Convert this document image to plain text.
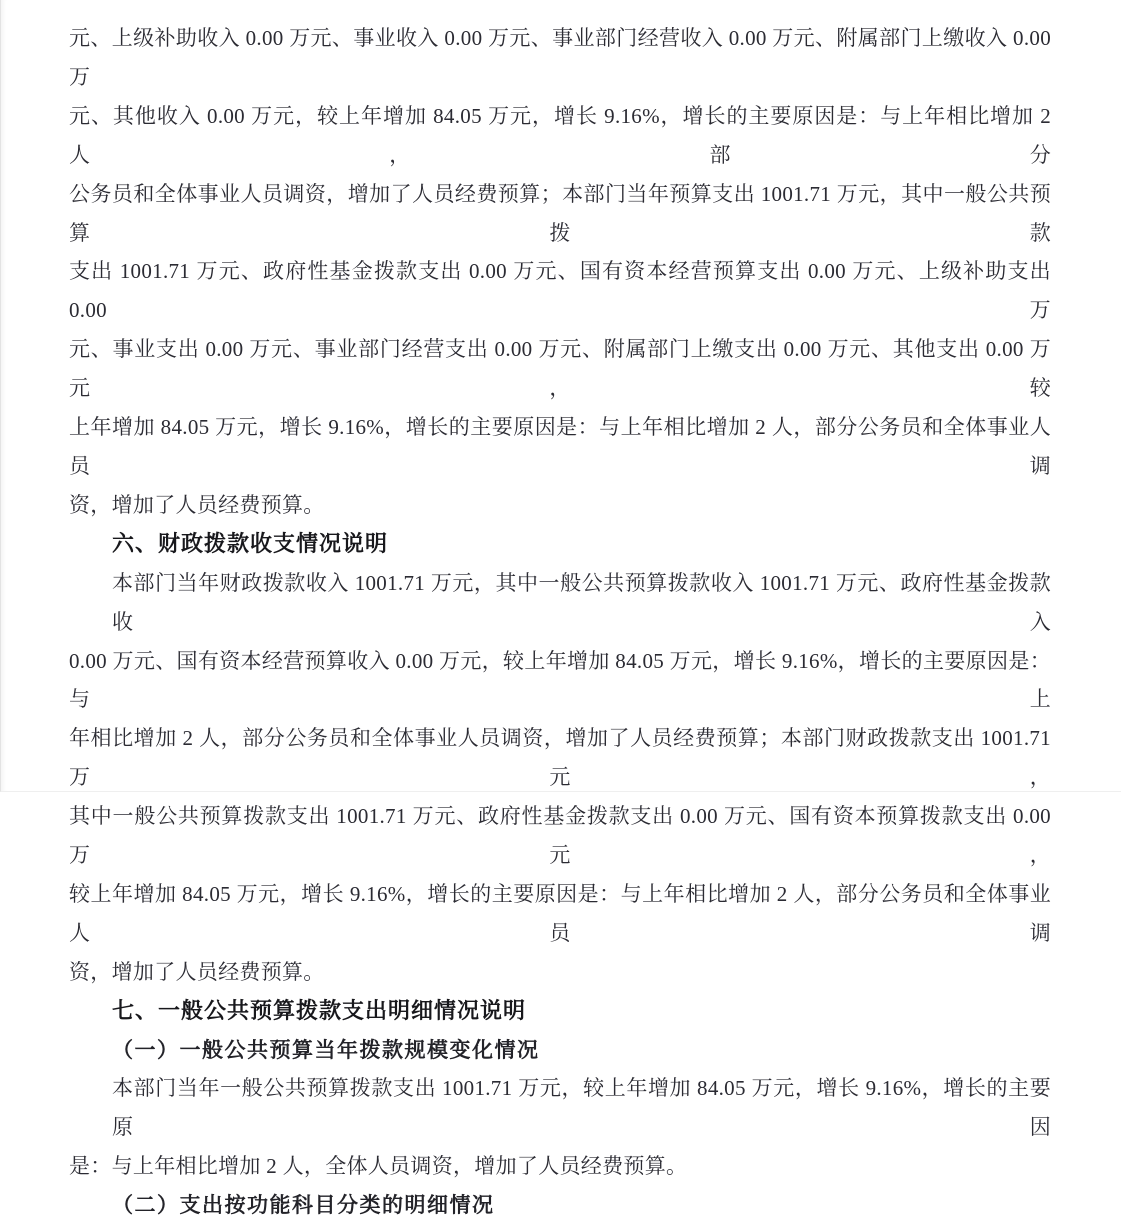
元、上级补助收入 0.00 万元、事业收入 0.00 万元、事业部门经营收入 0.00 万元、附属部门上缴收入 0.00 万
元、其他收入 0.00 万元，较上年增加 84.05 万元，增长 9.16%，增长的主要原因是：与上年相比增加 2 人，部分
公务员和全体事业人员调资，增加了人员经费预算；本部门当年预算支出 1001.71 万元，其中一般公共预算拨款
支出 1001.71 万元、政府性基金拨款支出 0.00 万元、国有资本经营预算支出 0.00 万元、上级补助支出 0.00 万
元、事业支出 0.00 万元、事业部门经营支出 0.00 万元、附属部门上缴支出 0.00 万元、其他支出 0.00 万元，较
上年增加 84.05 万元，增长 9.16%，增长的主要原因是：与上年相比增加 2 人，部分公务员和全体事业人员调
资，增加了人员经费预算。
六、财政拨款收支情况说明
本部门当年财政拨款收入 1001.71 万元，其中一般公共预算拨款收入 1001.71 万元、政府性基金拨款收入
0.00 万元、国有资本经营预算收入 0.00 万元，较上年增加 84.05 万元，增长 9.16%，增长的主要原因是：与上
年相比增加 2 人，部分公务员和全体事业人员调资，增加了人员经费预算；本部门财政拨款支出 1001.71 万元，
其中一般公共预算拨款支出 1001.71 万元、政府性基金拨款支出 0.00 万元、国有资本预算拨款支出 0.00 万元，
较上年增加 84.05 万元，增长 9.16%，增长的主要原因是：与上年相比增加 2 人，部分公务员和全体事业人员调
资，增加了人员经费预算。
七、一般公共预算拨款支出明细情况说明
（一）一般公共预算当年拨款规模变化情况
本部门当年一般公共预算拨款支出 1001.71 万元，较上年增加 84.05 万元，增长 9.16%，增长的主要原因
是：与上年相比增加 2 人，全体人员调资，增加了人员经费预算。
（二）支出按功能科目分类的明细情况
